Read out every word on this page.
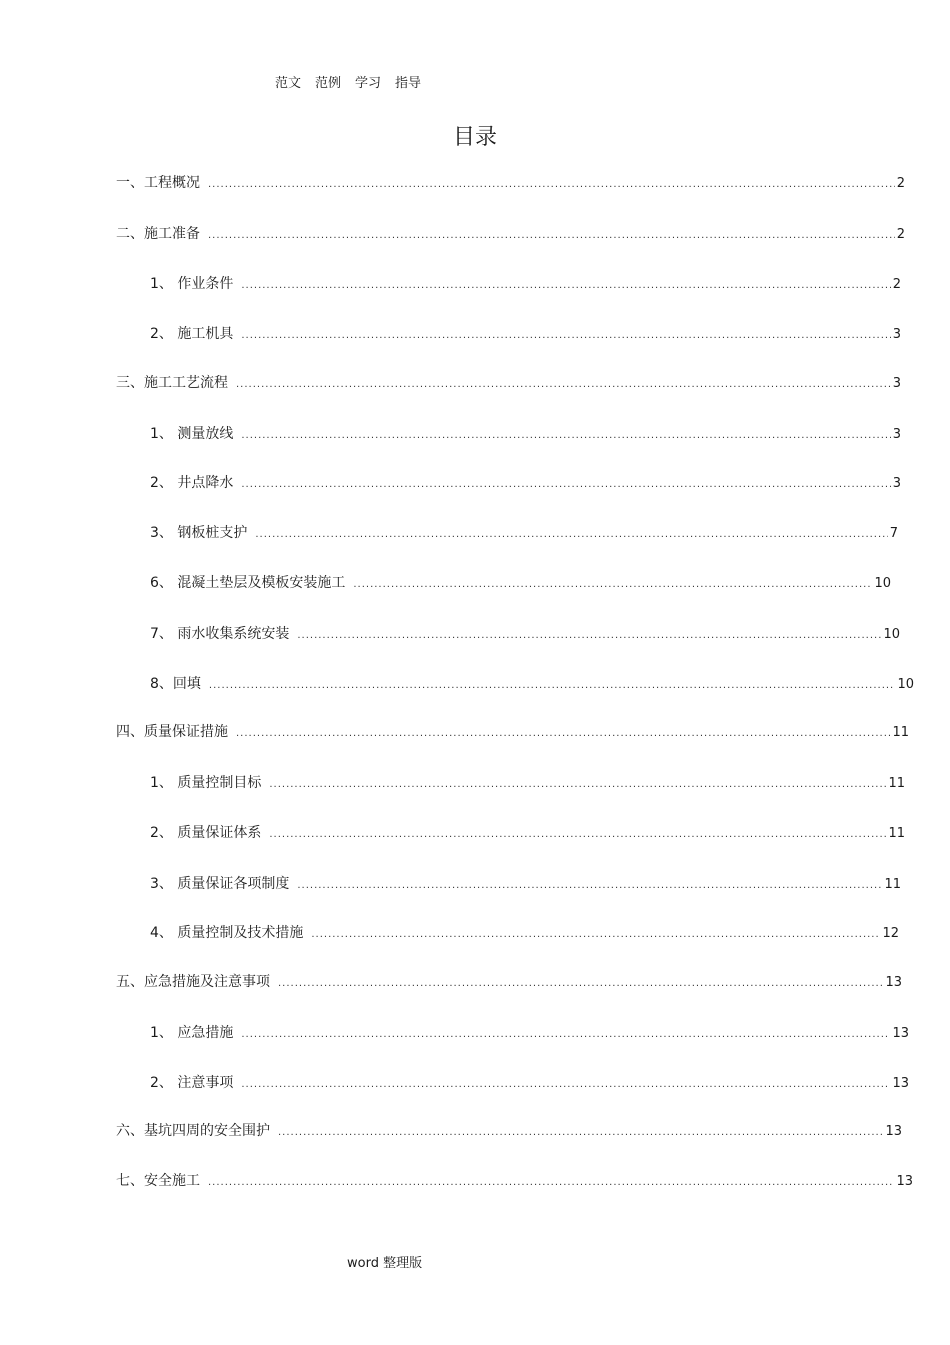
范文 范例 学习 指导
目录
一、工程概况 .....	2
二、施工准备 .....	2
1、 作业条件 .....	2
2、 施工机具 .....	3
三、施工工艺流程 .....	3
1、 测量放线 .....	3
2、 井点降水 .....	3
3、 钢板桩支护 .....	7
6、 混凝土垫层及模板安装施工 .....	10
7、 雨水收集系统安装 .....	10
8、回填 .....	10
四、质量保证措施 .....	11
1、 质量控制目标 .....	11
2、 质量保证体系 .....	11
3、 质量保证各项制度 .....	11
4、 质量控制及技术措施 .....	12
五、应急措施及注意事项 .....	13
1、 应急措施 .....	13
2、 注意事项 .....	13
六、基坑四周的安全围护 .....	13
七、安全施工 .....	13
word 整理版
